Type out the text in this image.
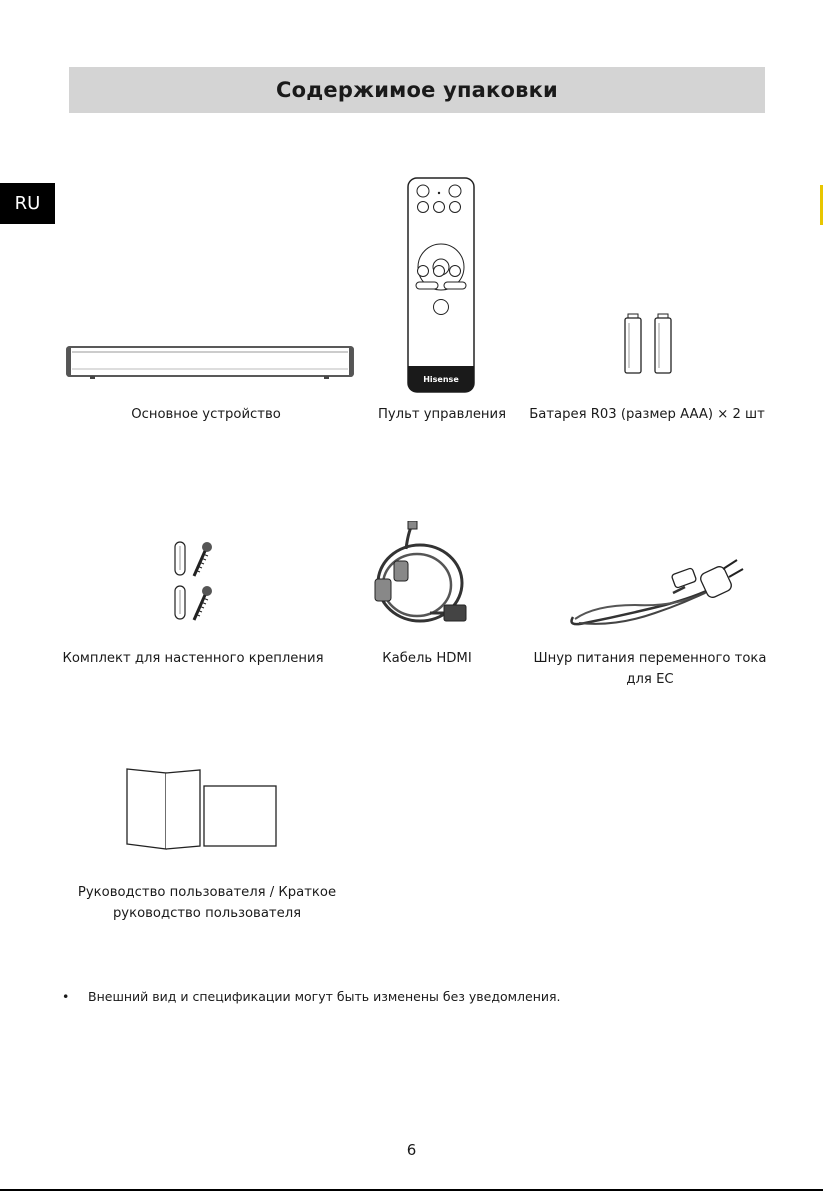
Содержимое упаковки
RU
Hisense
Основное устройство	Пульт управления	Батарея R03 (размер AAA) × 2 шт
Комплект для настенного крепления	Кабель HDMI	Шнур питания переменного тока
для ЕС
Руководство пользователя / Краткое
руководство пользователя
• Внешний вид и спецификации могут быть изменены без уведомления.
6
